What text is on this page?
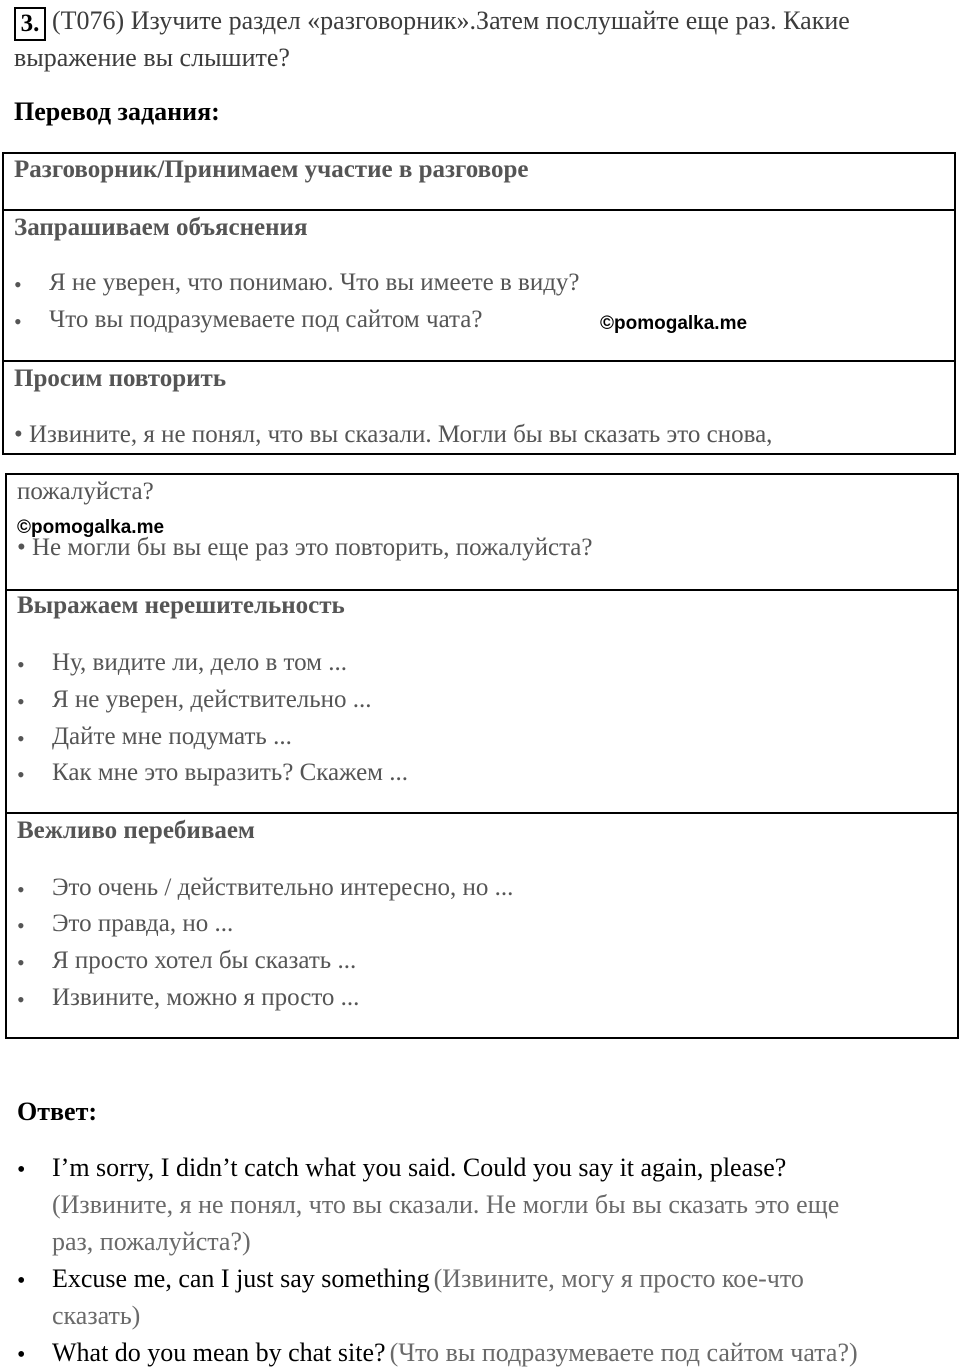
3. (T076) Изучите раздел «разговорник».Затем послушайте еще раз. Какие
выражение вы слышите?
Перевод задания:
Разговорник/Принимаем участие в разговоре
Запрашиваем объяснения
• Я не уверен, что понимаю. Что вы имеете в виду?
• Что вы подразумеваете под сайтом чата?	©pomogalka.me
Просим повторить
• Извините, я не понял, что вы сказали. Могли бы вы сказать это снова,
пожалуйста?
©pomogalka.me
• Не могли бы вы еще раз это повторить, пожалуйста?
Выражаем нерешительность
• Ну, видите ли, дело в том ...
• Я не уверен, действительно ...
• Дайте мне подумать ...
• Как мне это выразить? Скажем ...
Вежливо перебиваем
• Это очень / действительно интересно, но ...
• Это правда, но ...
• Я просто хотел бы сказать ...
• Извините, можно я просто ...
Ответ:
• I’m sorry, I didn’t catch what you said. Could you say it again, please?
(Извините, я не понял, что вы сказали. Не могли бы вы сказать это еще
раз, пожалуйста?)
• Excuse me, can I just say something (Извините, могу я просто кое-что
сказать)
• What do you mean by chat site? (Что вы подразумеваете под сайтом чата?)
